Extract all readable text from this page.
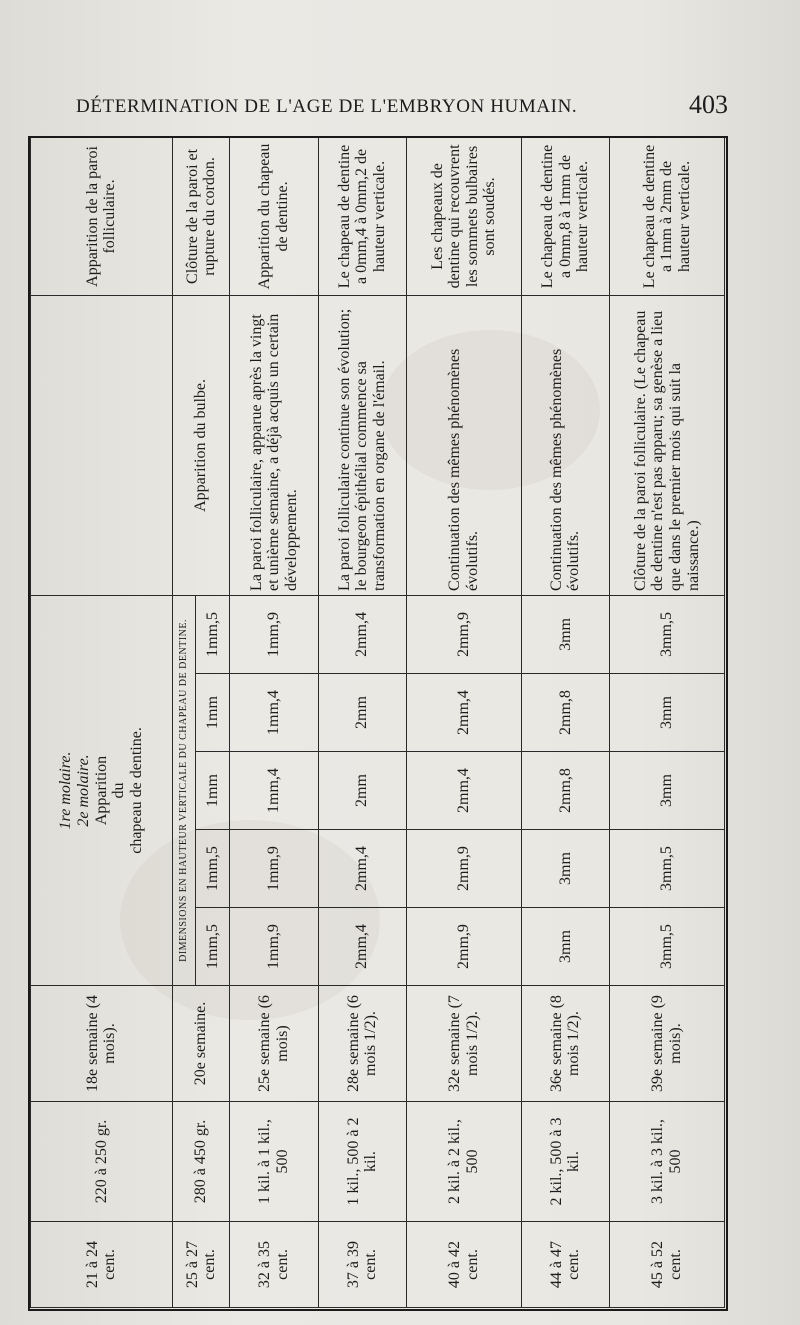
DÉTERMINATION DE L'AGE DE L'EMBRYON HUMAIN.	403
21 à 24 cent.	220 à 250 gr.	18e semaine (4 mois).	1re molaire. 2e molaire. Apparition du chapeau de dentine.						Apparition de la paroi folliculaire.
25 à 27 cent.	280 à 450 gr.	20e semaine.	DIMENSIONS EN HAUTEUR VERTICALE DU CHAPEAU DE DENTINE.					Apparition du bulbe.	Clôture de la paroi et rupture du cordon.
			1mm,5	1mm,5	1mm	1mm	1mm,5		
32 à 35 cent.	1 kil. à 1 kil., 500	25e semaine (6 mois)	1mm,9	1mm,9	1mm,4	1mm,4	1mm,9	La paroi folliculaire, apparue après la vingt et unième semaine, a déjà acquis un certain développement.	Apparition du chapeau de dentine.
37 à 39 cent.	1 kil., 500 à 2 kil.	28e semaine (6 mois 1/2).	2mm,4	2mm,4	2mm	2mm	2mm,4	La paroi folliculaire continue son évolution; le bourgeon épithélial commence sa transformation en organe de l'émail.	Le chapeau de dentine a 0mm,4 à 0mm,2 de hauteur verticale.
40 à 42 cent.	2 kil. à 2 kil., 500	32e semaine (7 mois 1/2).	2mm,9	2mm,9	2mm,4	2mm,4	2mm,9	Continuation des mêmes phénomènes évolutifs.	Les chapeaux de dentine qui recouvrent les sommets bulbaires sont soudés.
44 à 47 cent.	2 kil., 500 à 3 kil.	36e semaine (8 mois 1/2).	3mm	3mm	2mm,8	2mm,8	3mm	Continuation des mêmes phénomènes évolutifs.	Le chapeau de dentine a 0mm,8 à 1mm de hauteur verticale.
45 à 52 cent.	3 kil. à 3 kil., 500	39e semaine (9 mois).	3mm,5	3mm,5	3mm	3mm	3mm,5	Clôture de la paroi folliculaire. (Le chapeau de dentine n'est pas apparu; sa genèse a lieu que dans le premier mois qui suit la naissance.)	Le chapeau de dentine a 1mm à 2mm de hauteur verticale.
